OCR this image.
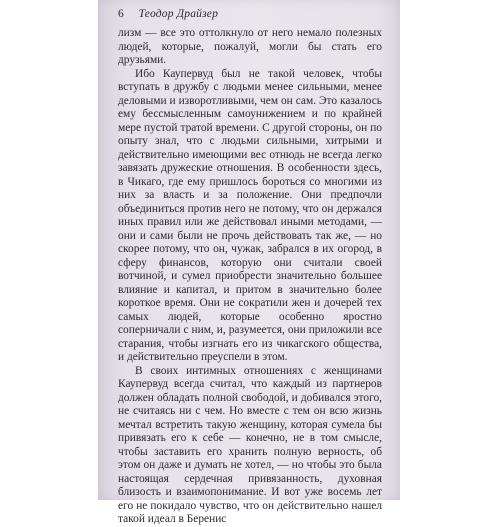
6 Теодор Драйзер

лизм — все это оттолкнуло от него немало полезных людей, которые, пожалуй, могли бы стать его друзьями.

Ибо Каупервуд был не такой человек, чтобы вступать в дружбу с людьми менее сильными, менее деловыми и изворотливыми, чем он сам. Это казалось ему бессмысленным самоунижением и по крайней мере пустой тратой времени. С другой стороны, он по опыту знал, что с людьми сильными, хитрыми и действительно имеющими вес отнюдь не всегда легко завязать дружеские отношения. В особенности здесь, в Чикаго, где ему пришлось бороться со многими из них за власть и за положение. Они предпочли объединиться против него не потому, что он держался иных правил или же действовал иными методами, — они и сами были не прочь действовать так же, — но скорее потому, что он, чужак, забрался в их огород, в сферу финансов, которую они считали своей вотчиной, и сумел приобрести значительно большее влияние и капитал, и притом в значительно более короткое время. Они не сократили жен и дочерей тех самых людей, которые особенно яростно соперничали с ним, и, разумеется, они приложили все старания, чтобы изгнать его из чикагского общества, и действительно преуспели в этом.

В своих интимных отношениях с женщинами Каупервуд всегда считал, что каждый из партнеров должен обладать полной свободой, и добивался этого, не считаясь ни с чем. Но вместе с тем он всю жизнь мечтал встретить такую женщину, которая сумела бы привязать его к себе — конечно, не в том смысле, чтобы заставить его хранить полную верность, об этом он даже и думать не хотел, — но чтобы это была настоящая сердечная привязанность, духовная близость и взаимопонимание. И вот уже восемь лет его не покидало чувство, что он действительно нашел такой идеал в Беренис
